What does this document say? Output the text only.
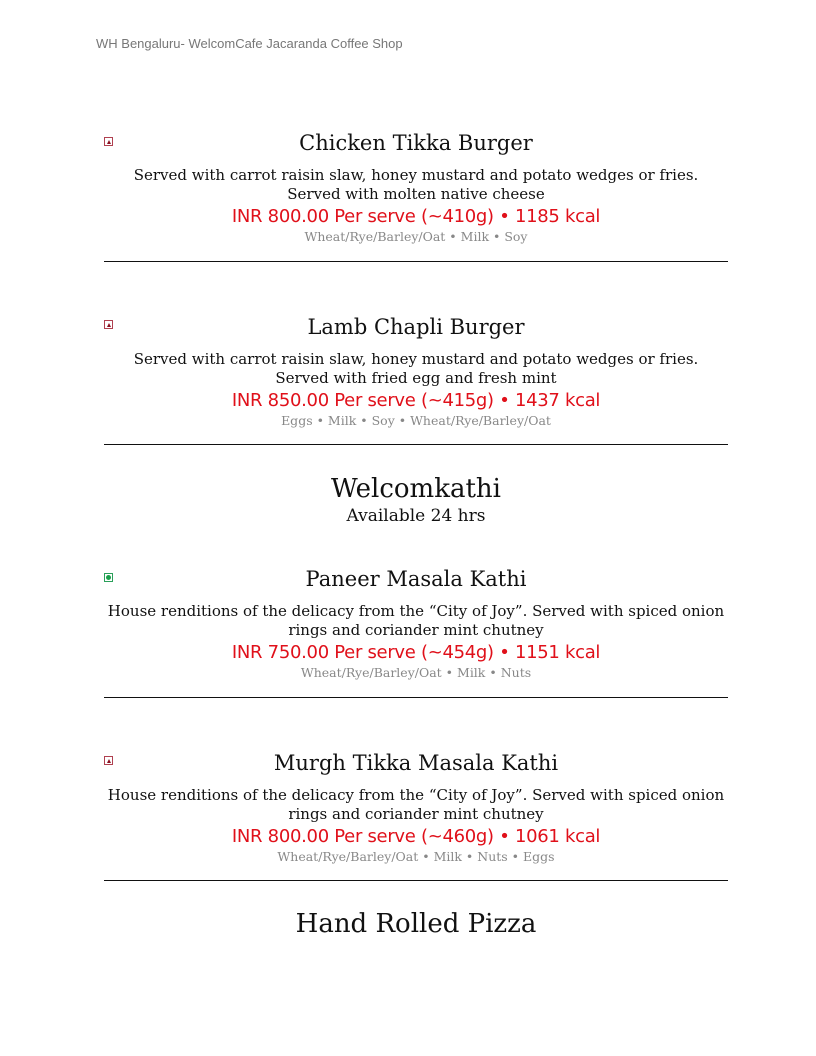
WH Bengaluru- WelcomCafe Jacaranda Coffee Shop
Chicken Tikka Burger
Served with carrot raisin slaw, honey mustard and potato wedges or fries.
Served with molten native cheese
INR 800.00 Per serve (~410g) • 1185 kcal
Wheat/Rye/Barley/Oat • Milk • Soy
Lamb Chapli Burger
Served with carrot raisin slaw, honey mustard and potato wedges or fries.
Served with fried egg and fresh mint
INR 850.00 Per serve (~415g) • 1437 kcal
Eggs • Milk • Soy • Wheat/Rye/Barley/Oat
Welcomkathi
Available 24 hrs
Paneer Masala Kathi
House renditions of the delicacy from the “City of Joy”. Served with spiced onion
rings and coriander mint chutney
INR 750.00 Per serve (~454g) • 1151 kcal
Wheat/Rye/Barley/Oat • Milk • Nuts
Murgh Tikka Masala Kathi
House renditions of the delicacy from the “City of Joy”. Served with spiced onion
rings and coriander mint chutney
INR 800.00 Per serve (~460g) • 1061 kcal
Wheat/Rye/Barley/Oat • Milk • Nuts • Eggs
Hand Rolled Pizza
